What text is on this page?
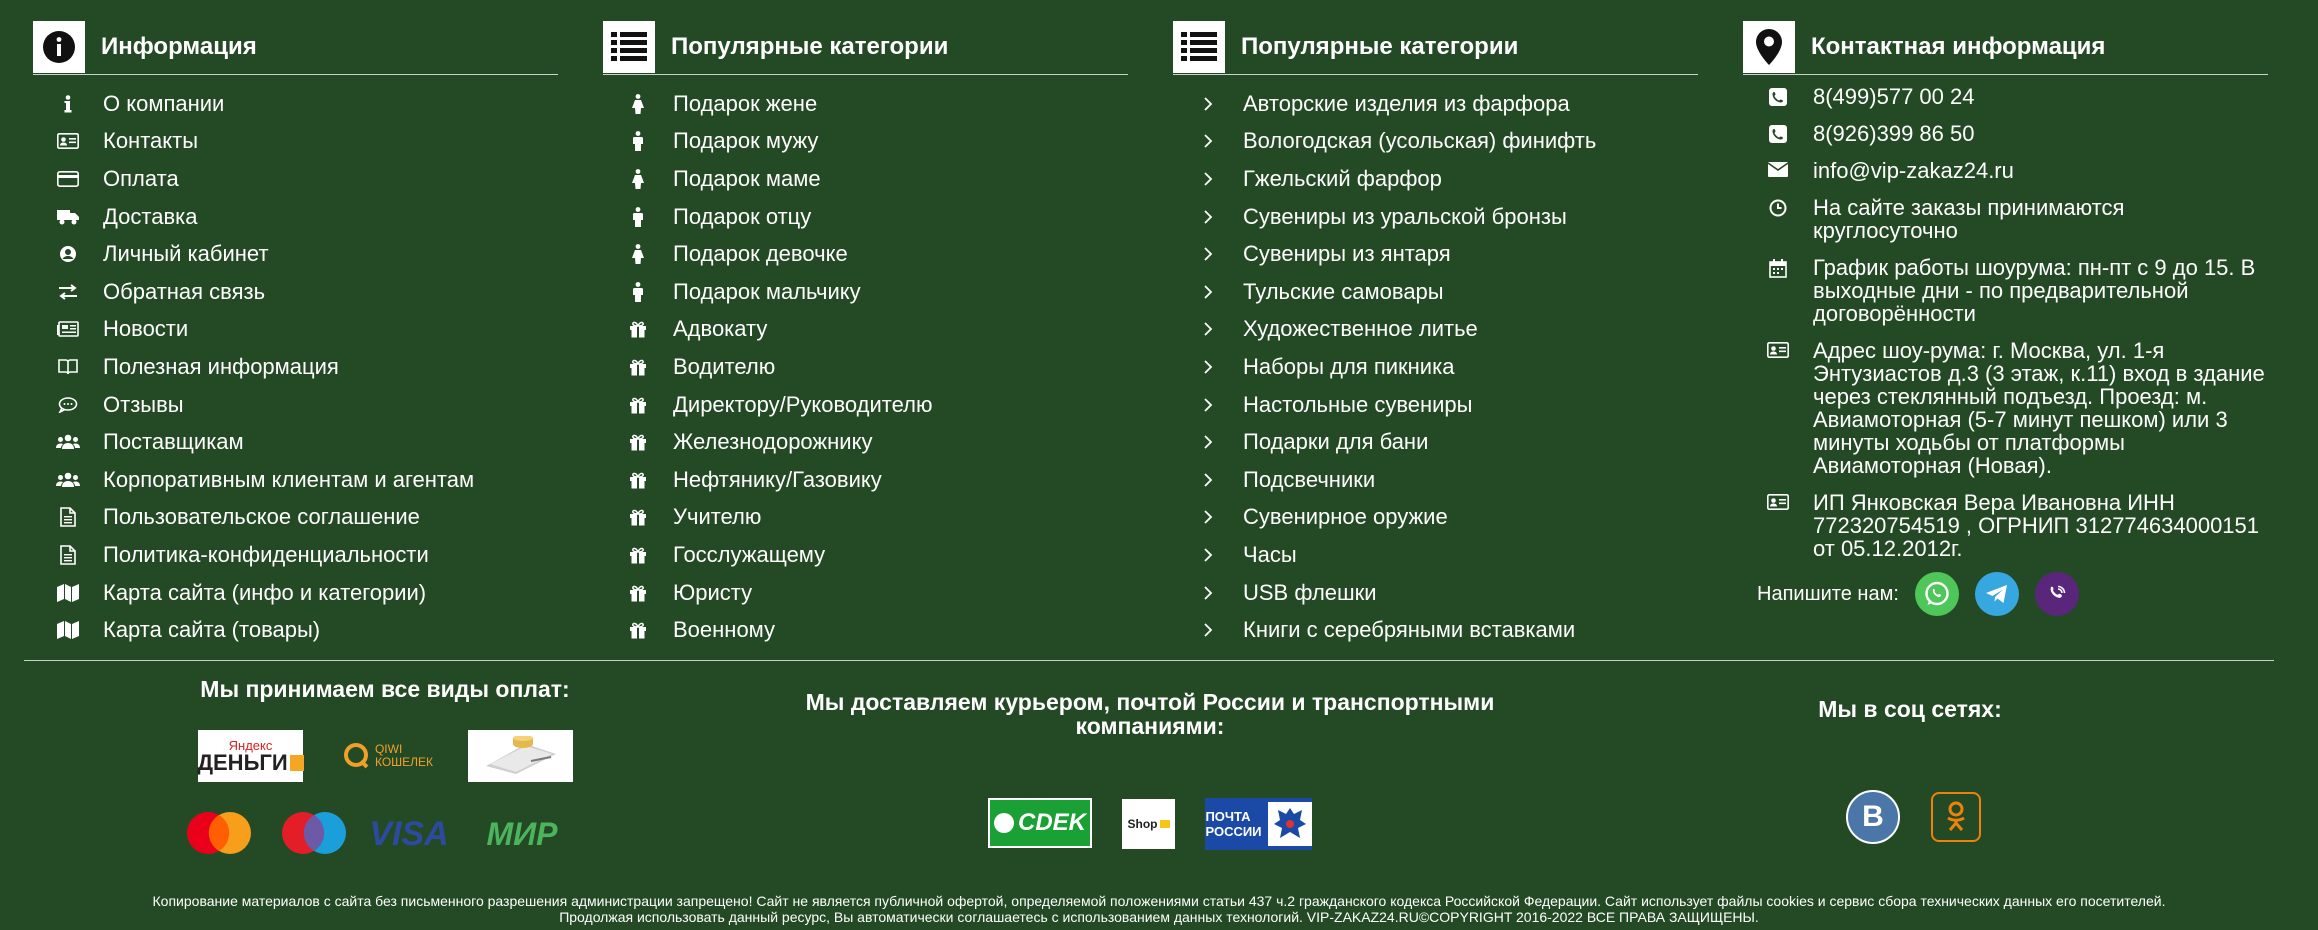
Информация
О компании
Контакты
Оплата
Доставка
Личный кабинет
Обратная связь
Новости
Полезная информация
Отзывы
Поставщикам
Корпоративным клиентам и агентам
Пользовательское соглашение
Политика-конфиденциальности
Карта сайта (инфо и категории)
Карта сайта (товары)
Популярные категории
Подарок жене
Подарок мужу
Подарок маме
Подарок отцу
Подарок девочке
Подарок мальчику
Адвокату
Водителю
Директору/Руководителю
Железнодорожнику
Нефтянику/Газовику
Учителю
Госслужащему
Юристу
Военному
Популярные категории
Авторские изделия из фарфора
Вологодская (усольская) финифть
Гжельский фарфор
Сувениры из уральской бронзы
Сувениры из янтаря
Тульские самовары
Художественное литье
Наборы для пикника
Настольные сувениры
Подарки для бани
Подсвечники
Сувенирное оружие
Часы
USB флешки
Книги с серебряными вставками
Контактная информация
8(499)577 00 24
8(926)399 86 50
info@vip-zakaz24.ru
На сайте заказы принимаются круглосуточно
График работы шоурума: пн-пт с 9 до 15. В выходные дни - по предварительной договорённости
Адрес шоу-рума: г. Москва, ул. 1-я Энтузиастов д.3 (3 этаж, к.11) вход в здание через стеклянный подъезд. Проезд: м. Авиамоторная (5-7 минут пешком) или 3 минуты ходьбы от платформы Авиамоторная (Новая).
ИП Янковская Вера Ивановна ИНН 772320754519 , ОГРНИП 312774634000151 от 05.12.2012г.
Напишите нам:
Мы принимаем все виды оплат:
Яндекс
ДЕНЬГИ
QIWI
КОШЕЛЕК
VISA МИР
Мы доставляем курьером, почтой России и транспортными компаниями:
CDEK	Shop	ПОЧТА
РОССИИ
Мы в соц сетях:
В
Копирование материалов с сайта без письменного разрешения администрации запрещено! Сайт не является публичной офертой, определяемой положениями статьи 437 ч.2 гражданского кодекса Российской Федерации. Сайт использует файлы cookies и сервис сбора технических данных его посетителей.
Продолжая использовать данный ресурс, Вы автоматически соглашаетесь с использованием данных технологий. VIP-ZAKAZ24.RU©COPYRIGHT 2016-2022 ВСЕ ПРАВА ЗАЩИЩЕНЫ.
